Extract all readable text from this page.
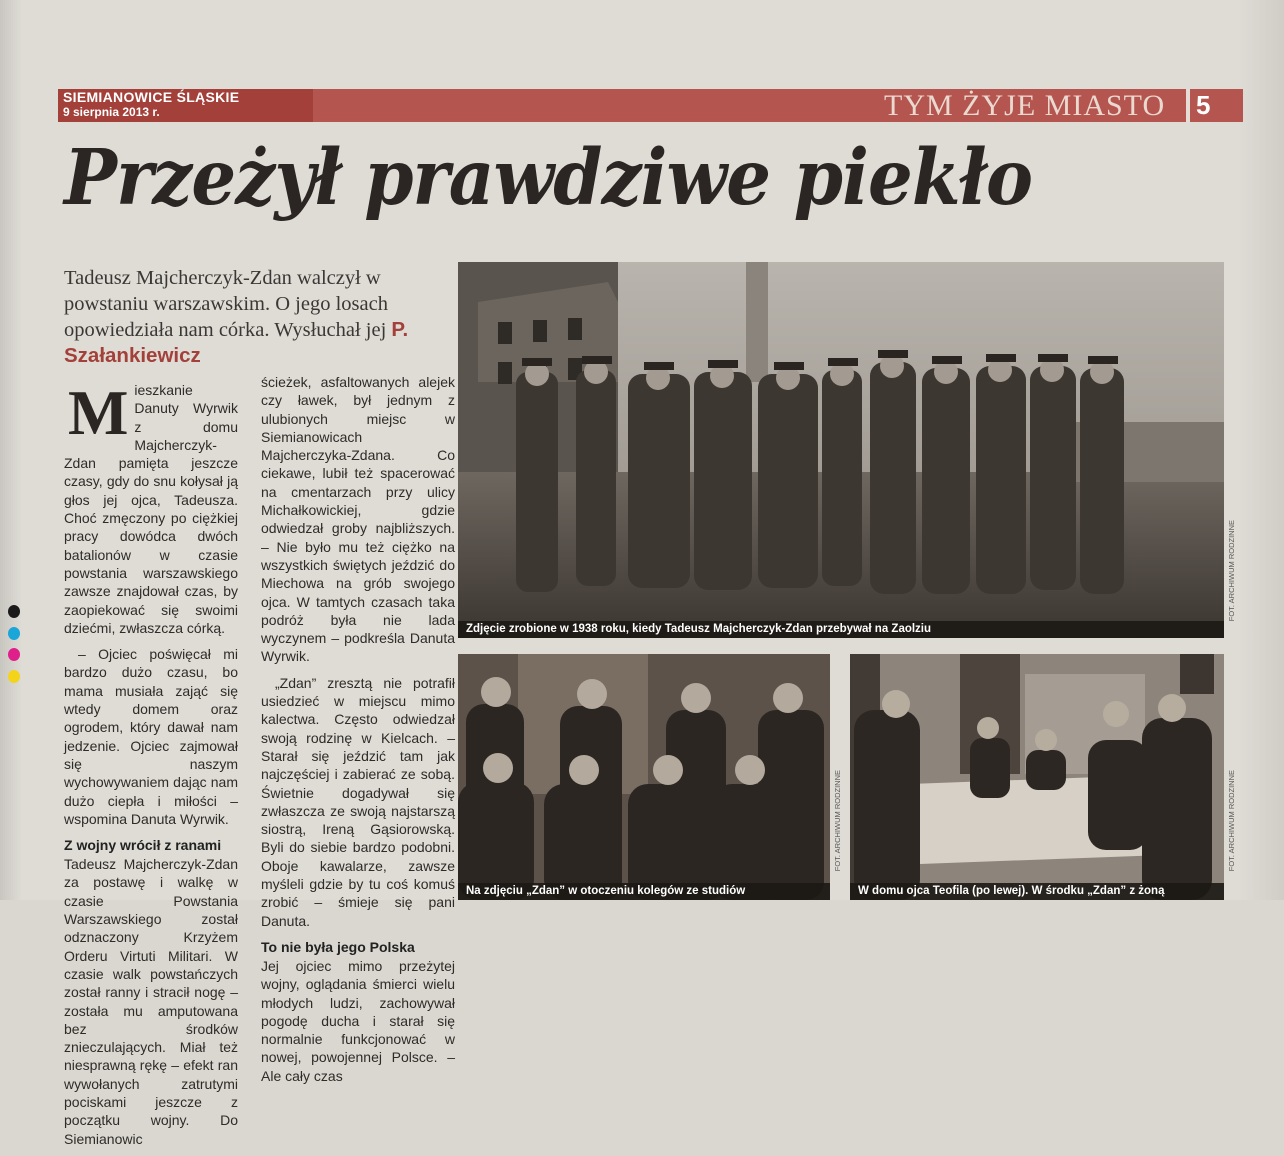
SIEMIANOWICE ŚLĄSKIE
9 sierpnia 2013 r.	TYM ŻYJE MIASTO 5
Przeżył prawdziwe piekło
Tadeusz Majcherczyk-Zdan walczył w powstaniu warszawskim. O jego losach opowiedziała nam córka. Wysłuchał jej P. Szałankiewicz

Mieszkanie Danuty Wyrwik z domu Majcherczyk-Zdan pamięta jeszcze czasy, gdy do snu kołysał ją głos jej ojca, Tadeusza. Choć zmęczony po ciężkiej pracy dowódca dwóch batalionów w czasie powstania warszawskiego zawsze znajdował czas, by zaopiekować się swoimi dziećmi, zwłaszcza córką.

– Ojciec poświęcał mi bardzo dużo czasu, bo mama musiała zająć się wtedy domem oraz ogrodem, który dawał nam jedzenie. Ojciec zajmował się naszym wychowywaniem dając nam dużo ciepła i miłości – wspomina Danuta Wyrwik.

Z wojny wrócił z ranami

Tadeusz Majcherczyk-Zdan za postawę i walkę w czasie Powstania Warszawskiego został odznaczony Krzyżem Orderu Virtuti Militari. W czasie walk powstańczych został ranny i stracił nogę – została mu amputowana bez środków znieczulających. Miał też niesprawną rękę – efekt ran wywołanych zatrutymi pociskami jeszcze z początku wojny. Do Siemianowic

ścieżek, asfaltowanych alejek czy ławek, był jednym z ulubionych miejsc w Siemianowicach Majcherczyka-Zdana. Co ciekawe, lubił też spacerować na cmentarzach przy ulicy Michałkowickiej, gdzie odwiedzał groby najbliższych. – Nie było mu też ciężko na wszystkich świętych jeździć do Miechowa na grób swojego ojca. W tamtych czasach taka podróż była nie lada wyczynem – podkreśla Danuta Wyrwik.

„Zdan” zresztą nie potrafił usiedzieć w miejscu mimo kalectwa. Często odwiedzał swoją rodzinę w Kielcach. – Starał się jeździć tam jak najczęściej i zabierać ze sobą. Świetnie dogadywał się zwłaszcza ze swoją najstarszą siostrą, Ireną Gąsiorowską. Byli do siebie bardzo podobni. Oboje kawalarze, zawsze myśleli gdzie by tu coś komuś zrobić – śmieje się pani Danuta.

To nie była jego Polska

Jej ojciec mimo przeżytej wojny, oglądania śmierci wielu młodych ludzi, zachowywał pogodę ducha i starał się normalnie funkcjonować w nowej, powojennej Polsce. – Ale cały czas

Zdjęcie zrobione w 1938 roku, kiedy Tadeusz Majcherczyk-Zdan przebywał na Zaolziu
FOT. ARCHIWUM RODZINNE
Na zdjęciu „Zdan” w otoczeniu kolegów ze studiów
FOT. ARCHIWUM RODZINNE
W domu ojca Teofila (po lewej). W środku „Zdan” z żoną
FOT. ARCHIWUM RODZINNE
